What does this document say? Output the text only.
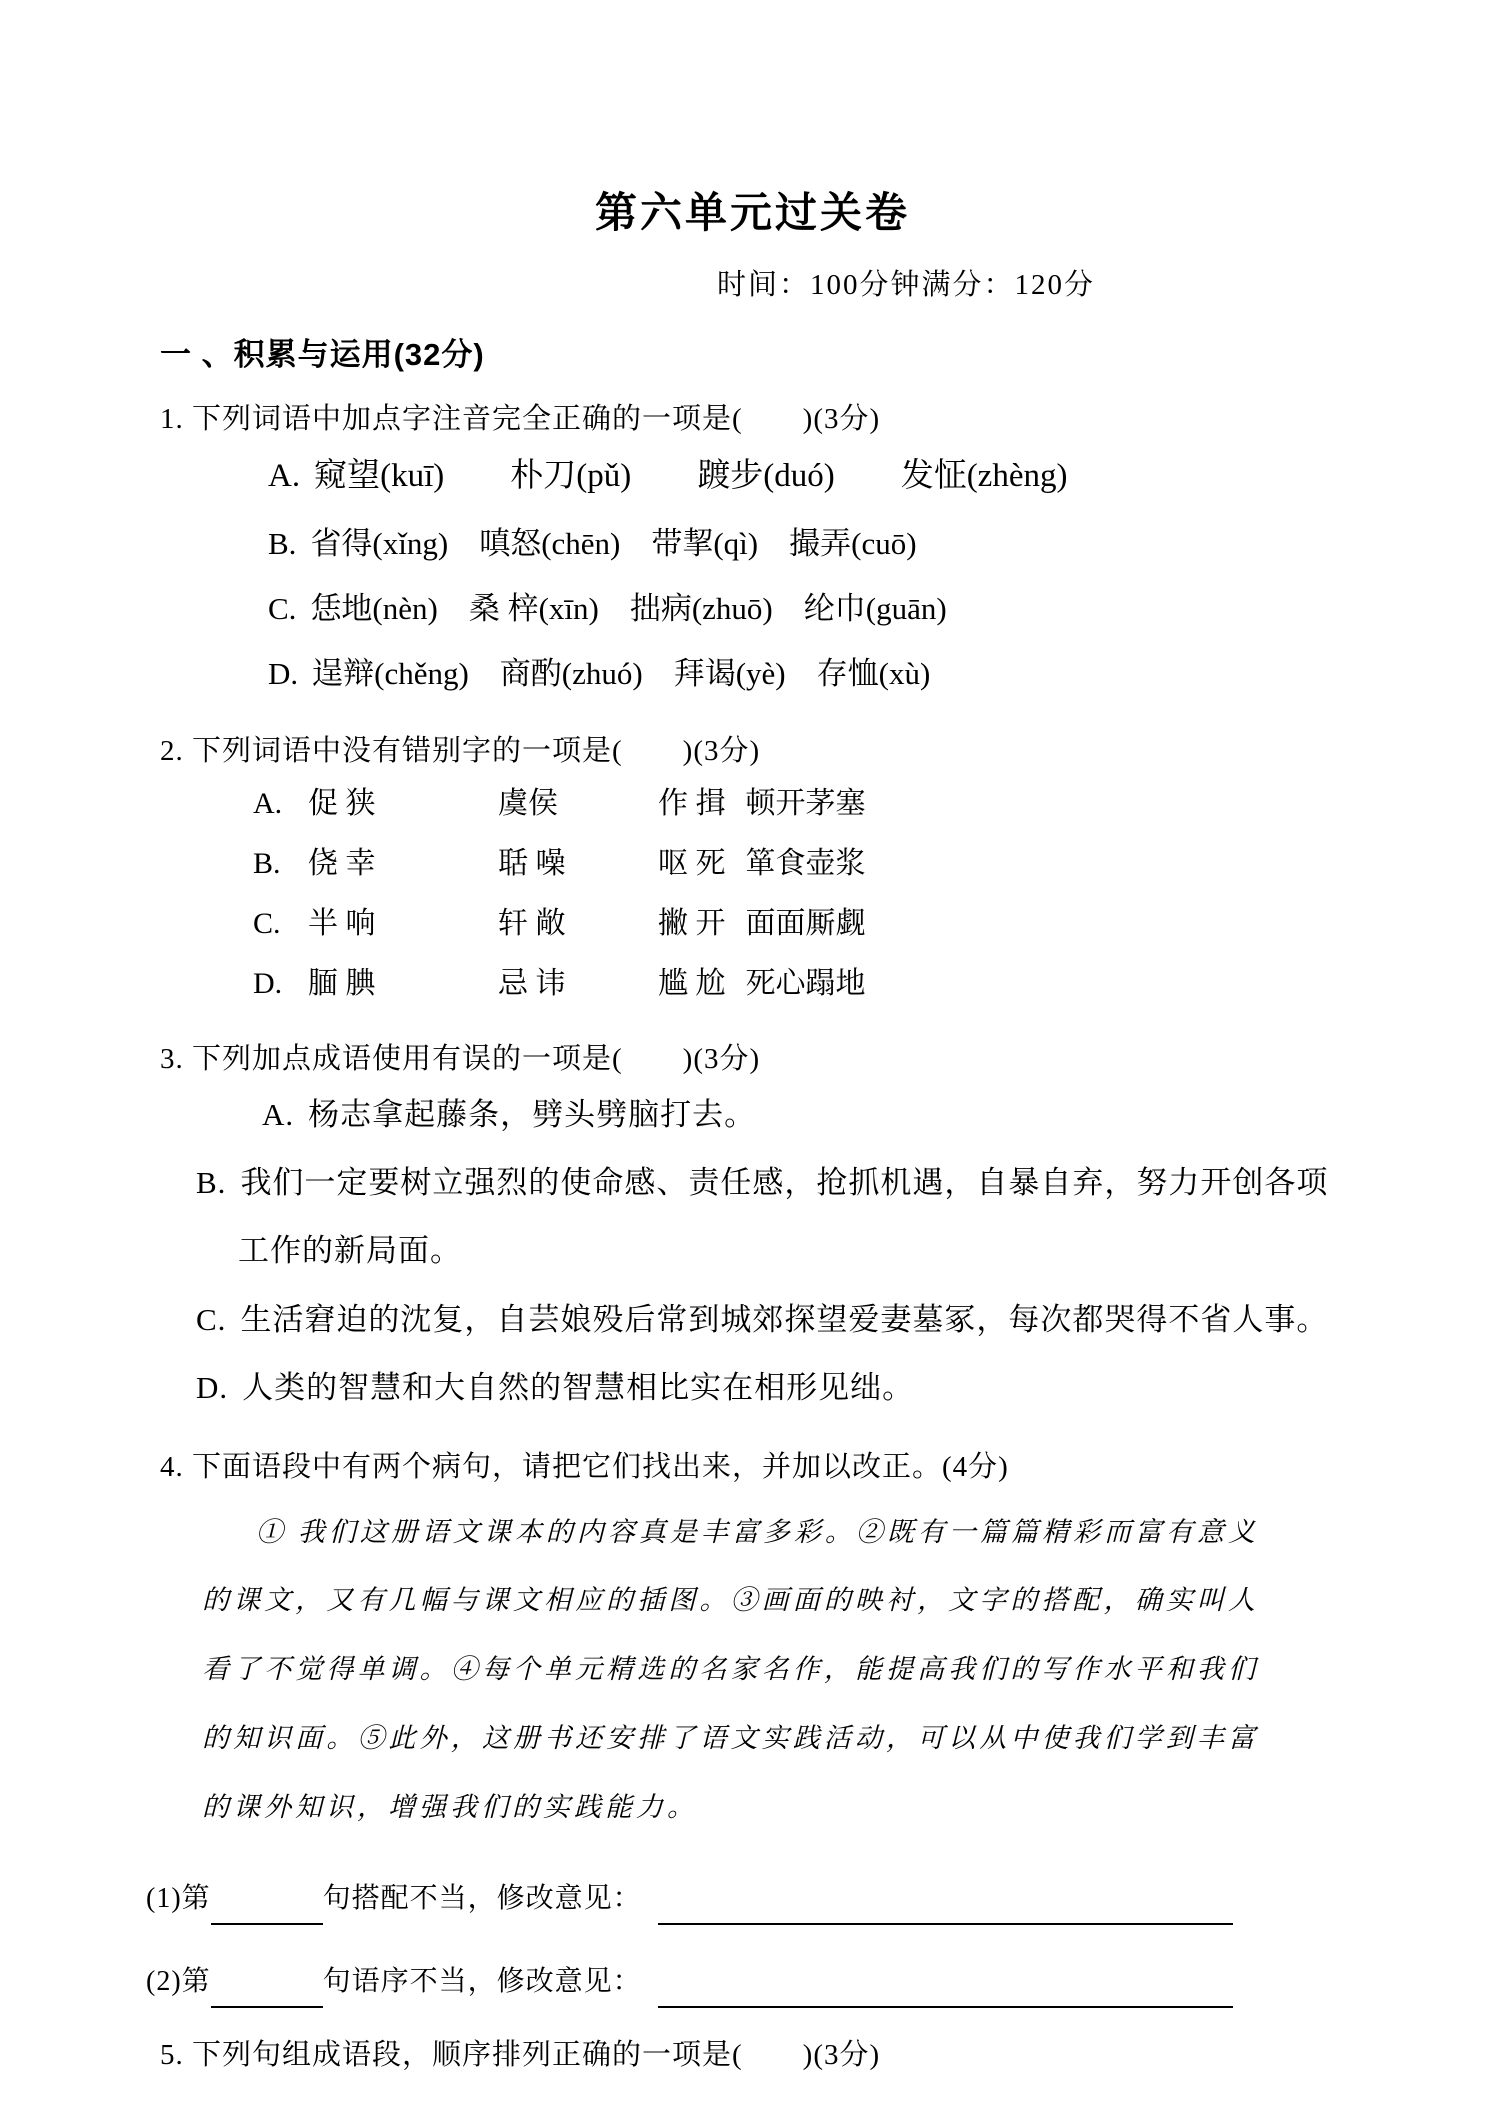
第六单元过关卷
时间：100分钟满分：120分
一 、积累与运用(32分)
1. 下列词语中加点字注音完全正确的一项是(　　)(3分)
A. 窥望(kuī)　　朴刀(pǔ)　　踱步(duó)　　发怔(zhèng)
B. 省得(xǐng)　嗔怒(chēn)　带挈(qì)　撮弄(cuō)
C. 恁地(nèn)　桑 梓(xīn)　拙病(zhuō)　纶巾(guān)
D. 逞辩(chěng)　商酌(zhuó)　拜谒(yè)　存恤(xù)
2. 下列词语中没有错别字的一项是(　　)(3分)
A. 促 狭	虞侯	作 揖 顿开茅塞
B. 侥 幸	聒 噪	呕 死 箪食壶浆
C. 半 响	轩 敞	撇 开 面面厮觑
D. 腼 腆	忌 讳	尴 尬 死心蹋地
3. 下列加点成语使用有误的一项是(　　)(3分)
A. 杨志拿起藤条，劈头劈脑打去。
B. 我们一定要树立强烈的使命感、责任感，抢抓机遇，自暴自弃，努力开创各项工作的新局面。
C. 生活窘迫的沈复，自芸娘殁后常到城郊探望爱妻墓冢，每次都哭得不省人事。
D. 人类的智慧和大自然的智慧相比实在相形见绌。
4. 下面语段中有两个病句，请把它们找出来，并加以改正。(4分)
① 我们这册语文课本的内容真是丰富多彩。②既有一篇篇精彩而富有意义的课文，又有几幅与课文相应的插图。③画面的映衬，文字的搭配，确实叫人看了不觉得单调。④每个单元精选的名家名作，能提高我们的写作水平和我们的知识面。⑤此外，这册书还安排了语文实践活动，可以从中使我们学到丰富的课外知识，增强我们的实践能力。
(1)第	句搭配不当，修改意见：
(2)第	句语序不当，修改意见：
5. 下列句组成语段，顺序排列正确的一项是(　　)(3分)
